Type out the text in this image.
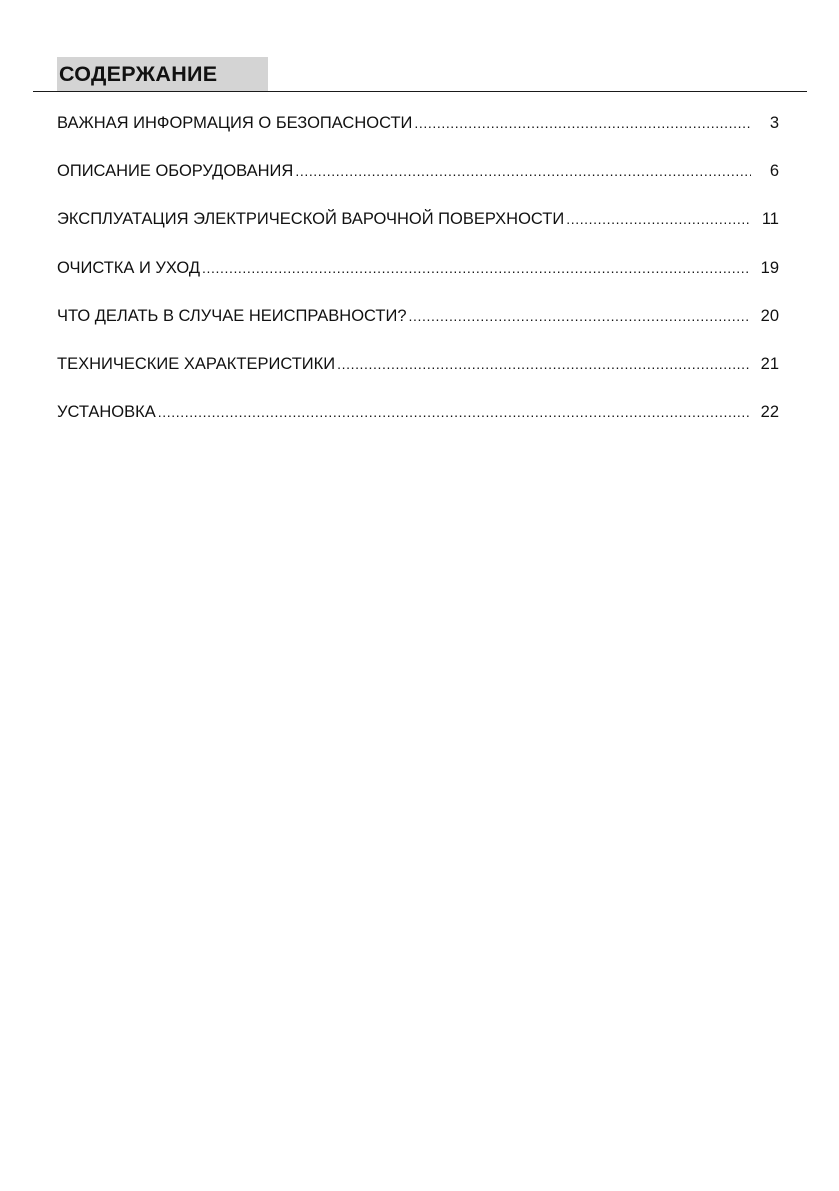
СОДЕРЖАНИЕ
ВАЖНАЯ ИНФОРМАЦИЯ О БЕЗОПАСНОСТИ .....	3
ОПИСАНИЕ ОБОРУДОВАНИЯ .....	6
ЭКСПЛУАТАЦИЯ ЭЛЕКТРИЧЕСКОЙ ВАРОЧНОЙ ПОВЕРХНОСТИ .....	11
ОЧИСТКА И УХОД .....	19
ЧТО ДЕЛАТЬ В СЛУЧАЕ НЕИСПРАВНОСТИ? .....	20
ТЕХНИЧЕСКИЕ ХАРАКТЕРИСТИКИ .....	21
УСТАНОВКА .....	22
